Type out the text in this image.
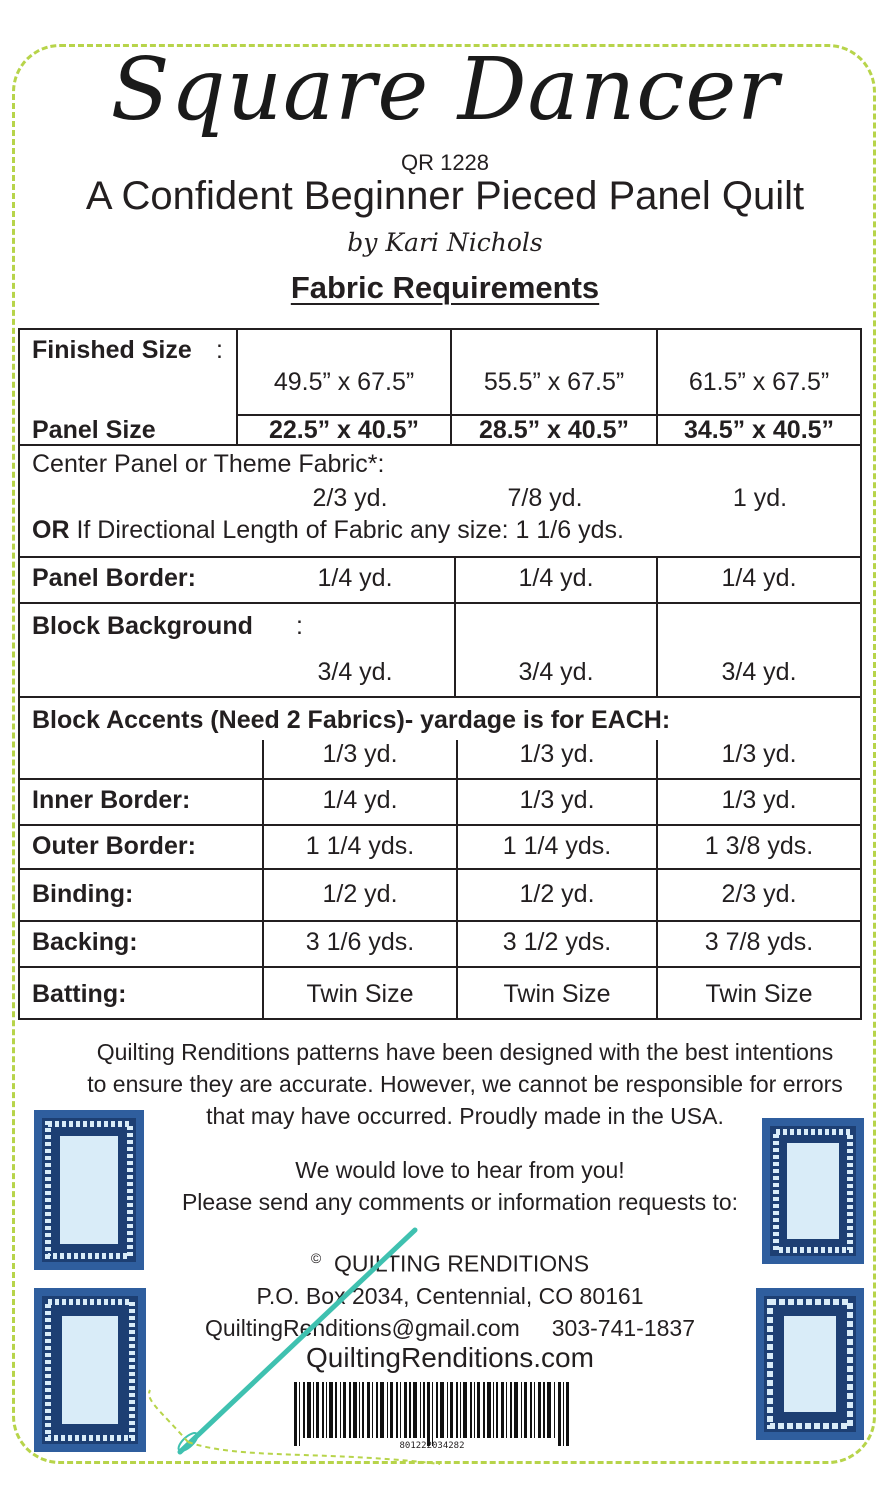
Square Dancer
QR 1228
A Confident Beginner Pieced Panel Quilt
by Kari Nichols
Fabric Requirements
Finished Size :
49.5” x 67.5”	55.5” x 67.5”	61.5” x 67.5”
Panel Size	22.5” x 40.5”	28.5” x 40.5”	34.5” x 40.5”
Center Panel or Theme Fabric*:
2/3 yd.	7/8 yd.	1 yd.
OR If Directional Length of Fabric any size: 1 1/6 yds.
Panel Border:	1/4 yd.	1/4 yd.	1/4 yd.
Block Background :
3/4 yd.	3/4 yd.	3/4 yd.
Block Accents (Need 2 Fabrics)- yardage is for EACH:
1/3 yd.	1/3 yd.	1/3 yd.
Inner Border:	1/4 yd.	1/3 yd.	1/3 yd.
Outer Border:	1 1/4 yds.	1 1/4 yds.	1 3/8 yds.
Binding:	1/2 yd.	1/2 yd.	2/3 yd.
Backing:	3 1/6 yds.	3 1/2 yds.	3 7/8 yds.
Batting:	Twin Size	Twin Size	Twin Size
Quilting Renditions patterns have been designed with the best intentions
to ensure they are accurate. However, we cannot be responsible for errors
that may have occurred. Proudly made in the USA.
We would love to hear from you!
Please send any comments or information requests to:
© QUILTING RENDITIONS
P.O. Box 2034, Centennial, CO 80161
QuiltingRenditions@gmail.com 303-741-1837
QuiltingRenditions.com
801222034282
